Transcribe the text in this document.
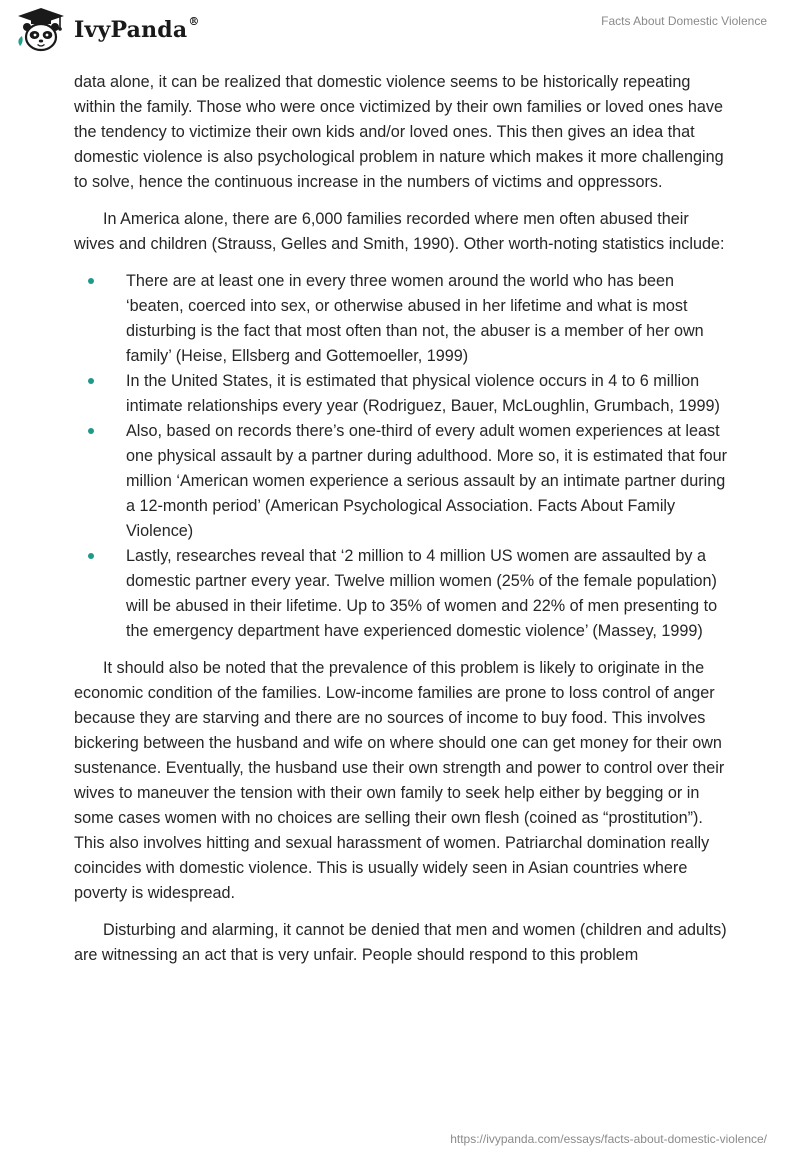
IvyPanda®	Facts About Domestic Violence

data alone, it can be realized that domestic violence seems to be historically repeating within the family. Those who were once victimized by their own families or loved ones have the tendency to victimize their own kids and/or loved ones. This then gives an idea that domestic violence is also psychological problem in nature which makes it more challenging to solve, hence the continuous increase in the numbers of victims and oppressors.

In America alone, there are 6,000 families recorded where men often abused their wives and children (Strauss, Gelles and Smith, 1990). Other worth-noting statistics include:

There are at least one in every three women around the world who has been ‘beaten, coerced into sex, or otherwise abused in her lifetime and what is most disturbing is the fact that most often than not, the abuser is a member of her own family’ (Heise, Ellsberg and Gottemoeller, 1999)
In the United States, it is estimated that physical violence occurs in 4 to 6 million intimate relationships every year (Rodriguez, Bauer, McLoughlin, Grumbach, 1999)
Also, based on records there’s one-third of every adult women experiences at least one physical assault by a partner during adulthood. More so, it is estimated that four million ‘American women experience a serious assault by an intimate partner during a 12-month period’ (American Psychological Association. Facts About Family Violence)
Lastly, researches reveal that ‘2 million to 4 million US women are assaulted by a domestic partner every year. Twelve million women (25% of the female population) will be abused in their lifetime. Up to 35% of women and 22% of men presenting to the emergency department have experienced domestic violence’ (Massey, 1999)

It should also be noted that the prevalence of this problem is likely to originate in the economic condition of the families. Low-income families are prone to loss control of anger because they are starving and there are no sources of income to buy food. This involves bickering between the husband and wife on where should one can get money for their own sustenance. Eventually, the husband use their own strength and power to control over their wives to maneuver the tension with their own family to seek help either by begging or in some cases women with no choices are selling their own flesh (coined as “prostitution”). This also involves hitting and sexual harassment of women. Patriarchal domination really coincides with domestic violence. This is usually widely seen in Asian countries where poverty is widespread.

Disturbing and alarming, it cannot be denied that men and women (children and adults) are witnessing an act that is very unfair. People should respond to this problem

https://ivypanda.com/essays/facts-about-domestic-violence/
